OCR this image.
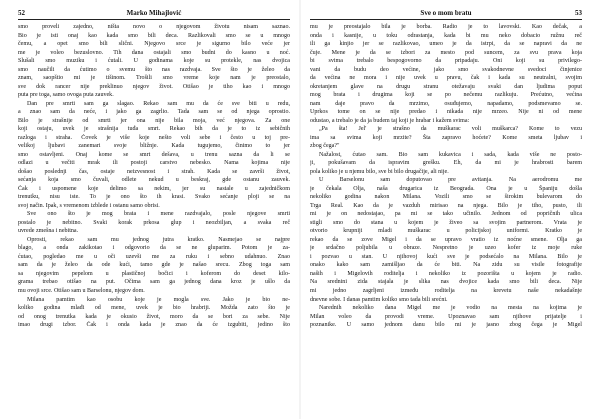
52	Marko Mihajlović
smo proveli zajedno, ništa novo o njegovom životu nisam saznao.
Bio je isti onaj kao kada smo bili deca. Razlikovali smo se u mnogo
čemu, a opet smo bili slični. Njegovo srce je sigurno bilo veće jer
me je voleo bezuslovno. Tih dana ostajali smo budni do kasno u noć.
Slušali smo muziku i ćutali. U godinama koje su protekle, nas dvojica
smo naučili da ćutimo o svemu što nas razdvaja. Sve što je želeo da
znam, saopštio mi je tišinom. Trošili smo vreme koje nam je preostalo,
sve dok rancer nije preklinuo njegov život. Otišao je tiho kao i mnogo
puta pre toga, samo ovoga puta zauvek.
Dan pre smrti sam ga slagao. Rekao sam mu da će sve biti u redu,
a znao sam da neće, i jako ga zagrlio. Tada sam se od njega oprostio.
Bilo je strašnije od smrti jer ona nije bila moja, već njegova. Za one
koji ostaju, uvek je strašnija tuđa smrt. Rekao bih da je to iz sebičnih
razloga i straha. Čovek je više koje nešto voli sebe i često u toj pre-
velikoj ljubavi zanemari svoje bližnje. Kada tugujemo, činimo to jer
smo ostavljeni. Onaj kome se smrt dešava, u trenu sazna da li se
odlazi u večiti mrak ili postoji carstvo nebesko. Nama kojima nije
došao poslednji čas, ostaje neizvesnost i strah. Kada se završi život,
sećanja koja smo čuvali, odlete nekud u beskraj, gde ostanu zauvek.
Čak i uspomene koje delimo sa nekim, jer su nastale u zajedničkom
trenutku, nisu iste. To je ono što ih krasi. Svako sećanje ploji se na
svoj način. Ipak, s vremenom izblede i ostanu samo obrisi.
Sve ono što je mog brata i mene razdvajalo, posle njegove smrti
postalo je nebitno. Svaki korak prkosa glup i neozbiljan, a svaka reč
uvrede zmešna i nebitna.
Oprosti, rekao sam mu jednog jutra kratko. Nasmejao se najpre
blago, a onda zakikotao i odgovorio da se ne gluparim. Potom je za-
ćutao, pogledao me u oči uzevši me za ruku i sebno udahnuo. Znao
sam da je želeo da ode kući, tamo gde je našao srecu. Zbog toga sam
sa njegovim pepelom u plastičnoj bočici i koferom do deset kilo-
grama trebao otišao na put. Očima sam ga jednog dana kroz je ušlo da
mu ovoji srce. Otišao sam u Barselonu, njegov dom.
Milana pamtim kao osobu koje je mogla sve. Jako je bio ne-
koliko godina mlađi od mene, uvek je bio hrabriji. Možda zato što je
od onog trenutka kada je okusio život, moro da se bori za sebe. Nije
imao drugi izbor. Čak i onda kada je znao da će izgubiti, jedino što
Sve o mom bratu	53
mu je preostajalo bila je borba. Radio je to lavovski. Kao dečak, a
onda i kasnije, u toku odrastanja, kada bi mu neko dobacio ružnu reč
ili ga kinjio jer se razlikovao, umeo je da istrpi, da se napravi da ne
čuje. Mene je da se izbori za mesto pod suncem, za svu prava koja
bi svima trebalo bespogovorno da pripadaju. Oni koji su privilego-
vani da budu deo većine, jako smo svakodnevne svedoci činjenice
da većina ne mora i nije uvek u pravu, čak i kada su neutralni, svojim
okretanjem glave na drugu stranu otežavaju svaki dan ljudima poput
mog brata i drugima koji se po nečemu razlikuju. Prećutno, većina
nam daje pravo da mrzimo, osuđujemo, napadamo, podsmevamo se.
Uprkos tome on se nije predao i nikada nije mrzeo. Nije ni od mene
odustao, a trebalo je da ja budem taj koji je hrabar i kažem svima:
„Pa šta! Jel' je strašno da muškarac voli muškarca? Kome to vezu
ima sa svima koji mrzite? Šta zapravo hoćete? Kome smeta ljubav i
zbog čega?"
Nažalost, ćutao sam. Bio sam kukavica i sada, kada više ne posto-
ji, pokušavam da ispravim grešku. Eh, da mi je hrabrosti barem
pola koliko je u njemu bilo, sve bi bilo drugačije, ali nije.
U Barselonu sam doputovao pre avitanja. Na aerodromu me
je čekala Olja, naša drugarica iz Beograda. Ona je u Španiju došla
nekoliko godina nakon Milana. Vozili smo se širokim bulevarom do
Trga Real. Kao da je vazduh mirisao na njega. Bilo je tiho, pusto, ili
mi je on nedostajao, pa mi se tako učinilo. Jednom od popričnih ulica
stigli smo do stana u kojem je živeo sa svojim partnerom. Vrata je
otvorio krupniji mladi muškarac u policijskoj uniformi. Kratko je
rekao da se zove Migel i da se upravo vratio iz noćne smene. Olja ga
je srdačno poljubila u obraze. Nespretno je uzeo kofer iz moje ruke
i pozvao u stan. U njihovoj kući sve je podsećalo na Milana. Bilo je
onako kako sam zamišljao da će biti. Na zidu su visile fotografije
naših i Migelovih roditelja i nekoliko iz pozorišta u kojem je radio.
Na srednini zida stajala je slika nas dvojice kada smo bili deca. Nije
mi jedno zagrljeni između roditelja na krevetu naše nekadašnje
dnevne sobe. I danas pamtim koliko smo tada bili srećni.
Narednih nekoliko dana Migel me je vodio na mesta na kojima je
Milan voleo da provodi vreme. Upoznavao sam njihove prijatelje i
poznanike. U samo jednom danu bilo mi je jasno zbog čega je Migel
